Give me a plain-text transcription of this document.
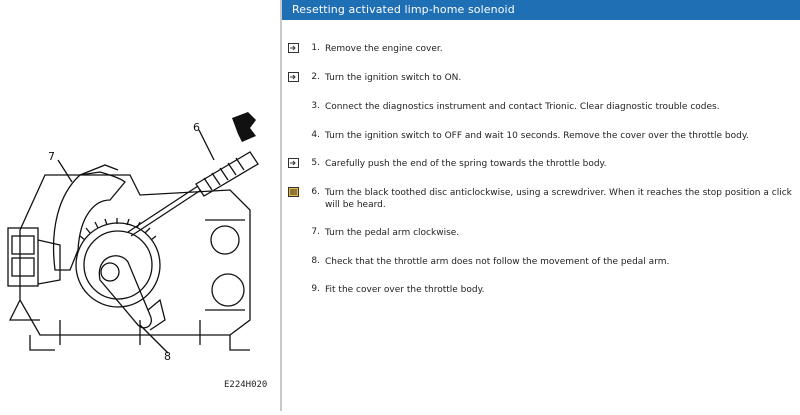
6
7
8
E224H020
Resetting activated limp-home solenoid
1. Remove the engine cover.
2. Turn the ignition switch to ON.
3. Connect the diagnostics instrument and contact Trionic. Clear diagnostic trouble codes.
4. Turn the ignition switch to OFF and wait 10 seconds. Remove the cover over the throttle body.
5. Carefully push the end of the spring towards the throttle body.
6. Turn the black toothed disc anticlockwise, using a screwdriver. When it reaches the stop position a click will be heard.
7. Turn the pedal arm clockwise.
8. Check that the throttle arm does not follow the movement of the pedal arm.
9. Fit the cover over the throttle body.
